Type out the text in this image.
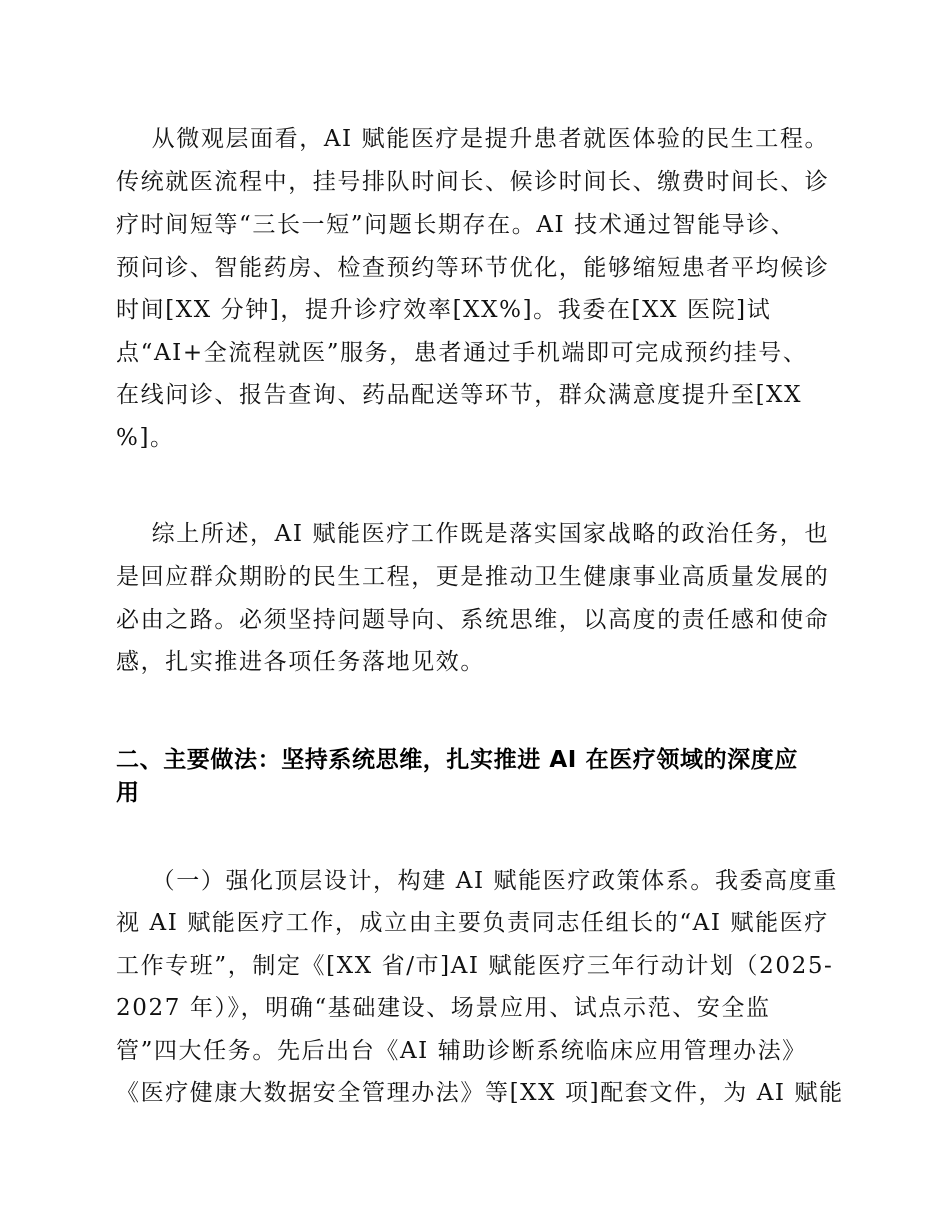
从微观层面看，AI 赋能医疗是提升患者就医体验的民生工程。
传统就医流程中，挂号排队时间长、候诊时间长、缴费时间长、诊
疗时间短等“三长一短”问题长期存在。AI 技术通过智能导诊、
预问诊、智能药房、检查预约等环节优化，能够缩短患者平均候诊
时间[XX 分钟]，提升诊疗效率[XX%]。我委在[XX 医院]试
点“AI+全流程就医”服务，患者通过手机端即可完成预约挂号、
在线问诊、报告查询、药品配送等环节，群众满意度提升至[XX
%]。
综上所述，AI 赋能医疗工作既是落实国家战略的政治任务，也
是回应群众期盼的民生工程，更是推动卫生健康事业高质量发展的
必由之路。必须坚持问题导向、系统思维，以高度的责任感和使命
感，扎实推进各项任务落地见效。
二、主要做法：坚持系统思维，扎实推进 AI 在医疗领域的深度应
用
（一）强化顶层设计，构建 AI 赋能医疗政策体系。我委高度重
视 AI 赋能医疗工作，成立由主要负责同志任组长的“AI 赋能医疗
工作专班”，制定《[XX 省/市]AI 赋能医疗三年行动计划（2025-
2027 年）》，明确“基础建设、场景应用、试点示范、安全监
管”四大任务。先后出台《AI 辅助诊断系统临床应用管理办法》
《医疗健康大数据安全管理办法》等[XX 项]配套文件，为 AI 赋能
